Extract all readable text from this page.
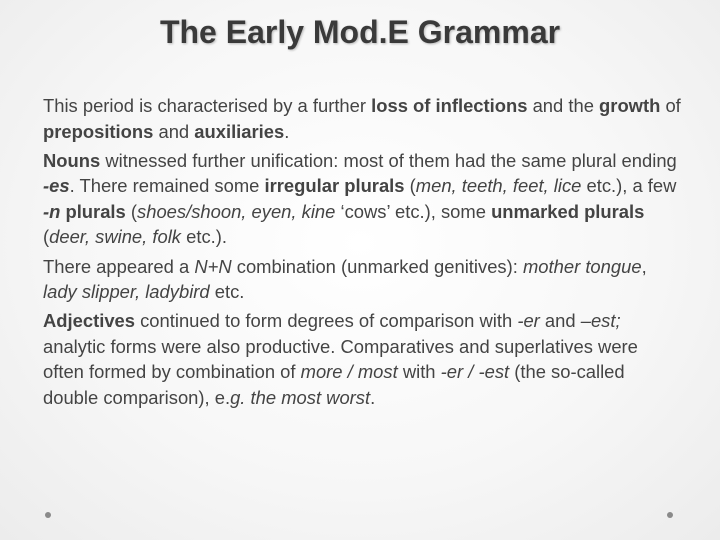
The Early Mod.E Grammar

This period is characterised by a further loss of inflections and the growth of prepositions and auxiliaries.

Nouns witnessed further unification: most of them had the same plural ending -es. There remained some irregular plurals (men, teeth, feet, lice etc.), a few -n plurals (shoes/shoon, eyen, kine ‘cows’ etc.), some unmarked plurals (deer, swine, folk etc.).

There appeared a N+N combination (unmarked genitives): mother tongue, lady slipper, ladybird etc.

Adjectives continued to form degrees of comparison with -er and –est; analytic forms were also productive. Comparatives and superlatives were often formed by combination of more / most with -er / -est (the so-called double comparison), e.g. the most worst.
